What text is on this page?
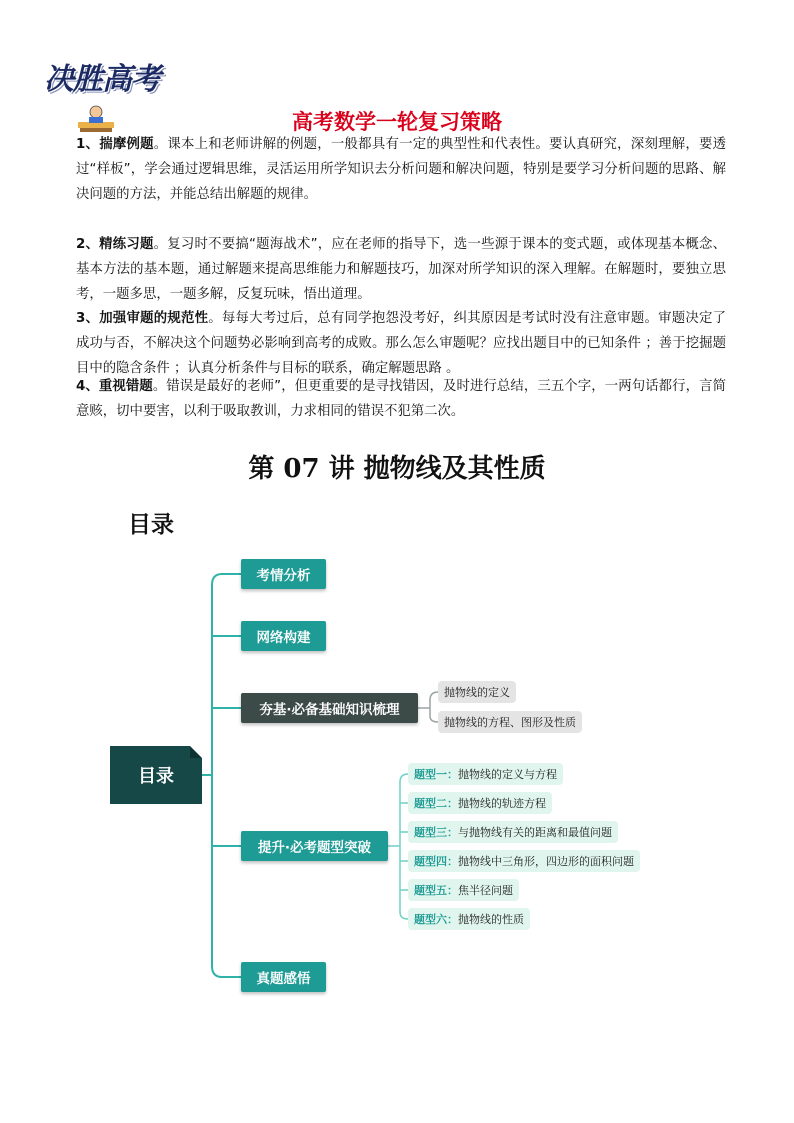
决胜高考
高考数学一轮复习策略
1、揣摩例题。课本上和老师讲解的例题，一般都具有一定的典型性和代表性。要认真研究，深刻理解，要透过“样板”，学会通过逻辑思维，灵活运用所学知识去分析问题和解决问题，特别是要学习分析问题的思路、解决问题的方法，并能总结出解题的规律。
2、精练习题。复习时不要搞“题海战术”，应在老师的指导下，选一些源于课本的变式题，或体现基本概念、基本方法的基本题，通过解题来提高思维能力和解题技巧，加深对所学知识的深入理解。在解题时，要独立思考，一题多思，一题多解，反复玩味，悟出道理。
3、加强审题的规范性。每每大考过后，总有同学抱怨没考好，纠其原因是考试时没有注意审题。审题决定了成功与否，不解决这个问题势必影响到高考的成败。那么怎么审题呢？应找出题目中的已知条件 ；善于挖掘题目中的隐含条件 ；认真分析条件与目标的联系，确定解题思路 。
4、重视错题。错误是最好的老师”，但更重要的是寻找错因，及时进行总结，三五个字，一两句话都行，言简意赅，切中要害，以利于吸取教训，力求相同的错误不犯第二次。
第 07 讲 抛物线及其性质
目录
目录
考情分析
网络构建
夯基·必备基础知识梳理
提升·必考题型突破
真题感悟
抛物线的定义
抛物线的方程、图形及性质
题型一： 抛物线的定义与方程
题型二： 抛物线的轨迹方程
题型三： 与抛物线有关的距离和最值问题
题型四： 抛物线中三角形，四边形的面积问题
题型五： 焦半径问题
题型六： 抛物线的性质
